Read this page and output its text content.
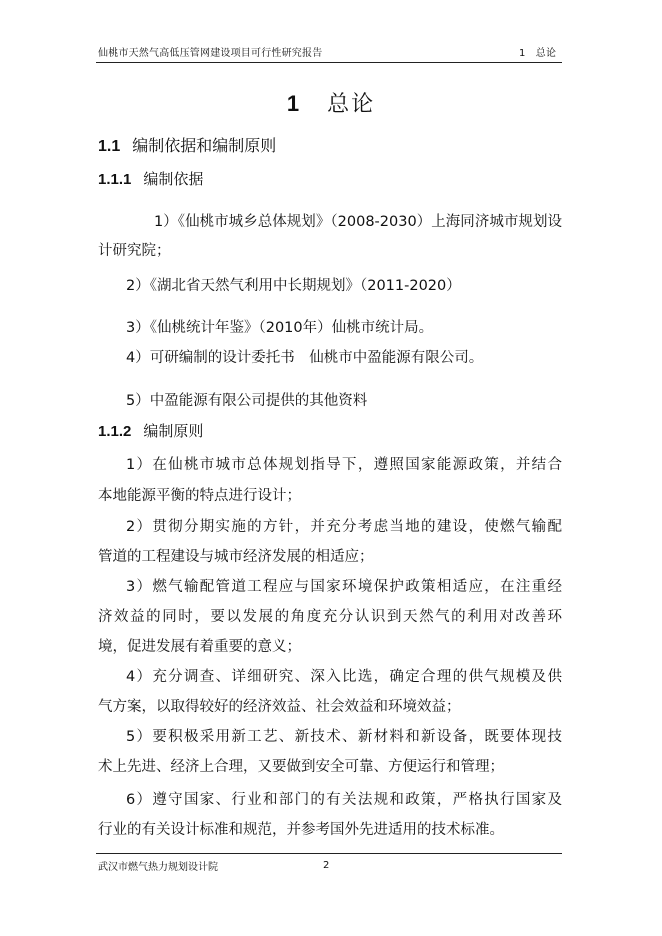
仙桃市天然气高低压管网建设项目可行性研究报告	1　总论
1 总论
1.1 编制依据和编制原则
1.1.1 编制依据
1）《仙桃市城乡总体规划》（2008-2030）上海同济城市规划设
计研究院；
2）《湖北省天然气利用中长期规划》（2011-2020）
3）《仙桃统计年鉴》（2010年）仙桃市统计局。
4）可研编制的设计委托书　仙桃市中盈能源有限公司。
5）中盈能源有限公司提供的其他资料
1.1.2 编制原则
1）在仙桃市城市总体规划指导下，遵照国家能源政策，并结合
本地能源平衡的特点进行设计；
2）贯彻分期实施的方针，并充分考虑当地的建设，使燃气输配
管道的工程建设与城市经济发展的相适应；
3）燃气输配管道工程应与国家环境保护政策相适应，在注重经
济效益的同时，要以发展的角度充分认识到天然气的利用对改善环
境，促进发展有着重要的意义；
4）充分调查、详细研究、深入比选，确定合理的供气规模及供
气方案，以取得较好的经济效益、社会效益和环境效益；
5）要积极采用新工艺、新技术、新材料和新设备，既要体现技
术上先进、经济上合理，又要做到安全可靠、方便运行和管理；
6）遵守国家、行业和部门的有关法规和政策，严格执行国家及
行业的有关设计标准和规范，并参考国外先进适用的技术标准。
武汉市燃气热力规划设计院	2
